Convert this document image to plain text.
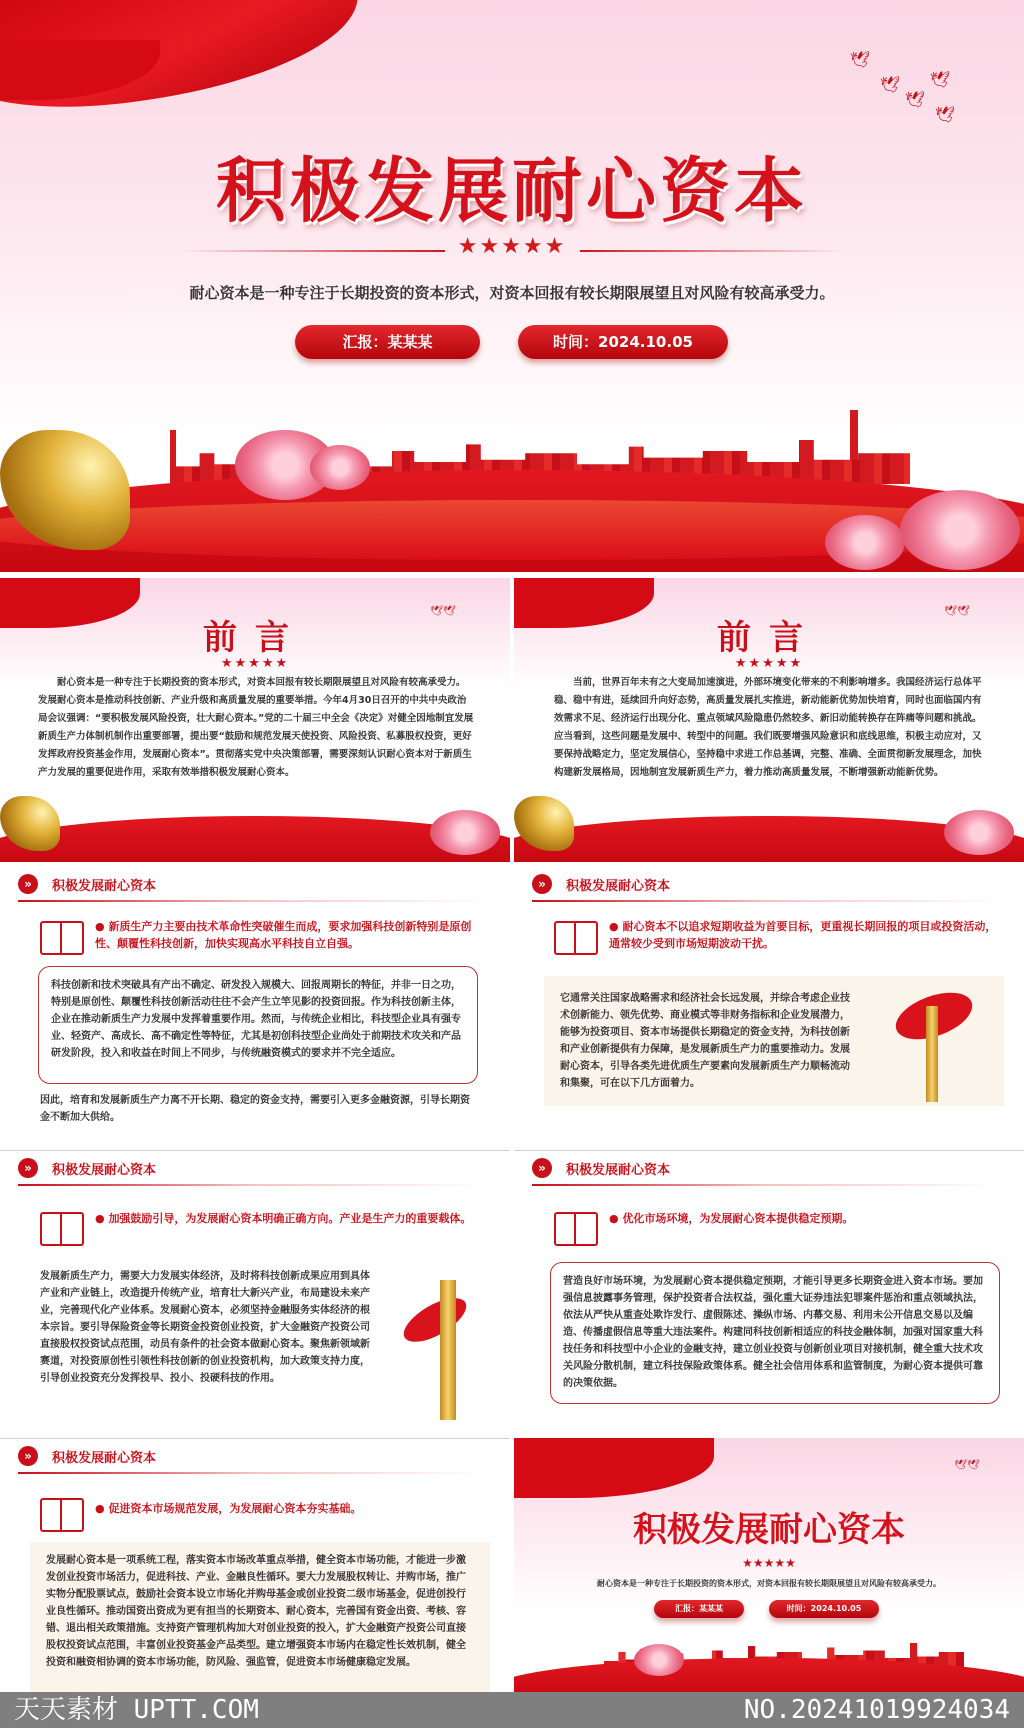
🕊
🕊
🕊
🕊
🕊
积极发展耐心资本
★★★★★
耐心资本是一种专注于长期投资的资本形式，对资本回报有较长期限展望且对风险有较高承受力。
汇报：某某某	时间：2024.10.05
🕊🕊
前言
★★★★★
耐心资本是一种专注于长期投资的资本形式，对资本回报有较长期限展望且对风险有较高承受力。发展耐心资本是推动科技创新、产业升级和高质量发展的重要举措。今年4月30日召开的中共中央政治局会议强调：“要积极发展风险投资，壮大耐心资本。”党的二十届三中全会《决定》对健全因地制宜发展新质生产力体制机制作出重要部署，提出要“鼓励和规范发展天使投资、风险投资、私募股权投资，更好发挥政府投资基金作用，发展耐心资本”。贯彻落实党中央决策部署，需要深刻认识耐心资本对于新质生产力发展的重要促进作用，采取有效举措积极发展耐心资本。
🕊🕊
前言
★★★★★
当前，世界百年未有之大变局加速演进，外部环境变化带来的不利影响增多。我国经济运行总体平稳、稳中有进，延续回升向好态势，高质量发展扎实推进，新动能新优势加快培育，同时也面临国内有效需求不足、经济运行出现分化、重点领域风险隐患仍然较多、新旧动能转换存在阵痛等问题和挑战。应当看到，这些问题是发展中、转型中的问题。我们既要增强风险意识和底线思维，积极主动应对，又要保持战略定力，坚定发展信心，坚持稳中求进工作总基调，完整、准确、全面贯彻新发展理念，加快构建新发展格局，因地制宜发展新质生产力，着力推动高质量发展，不断增强新动能新优势。
»	积极发展耐心资本
● 新质生产力主要由技术革命性突破催生而成，要求加强科技创新特别是原创性、颠覆性科技创新，加快实现高水平科技自立自强。
科技创新和技术突破具有产出不确定、研发投入规模大、回报周期长的特征，并非一日之功，特别是原创性、颠覆性科技创新活动往往不会产生立竿见影的投资回报。作为科技创新主体，企业在推动新质生产力发展中发挥着重要作用。然而，与传统企业相比，科技型企业具有强专业、轻资产、高成长、高不确定性等特征，尤其是初创科技型企业尚处于前期技术攻关和产品研发阶段，投入和收益在时间上不同步，与传统融资模式的要求并不完全适应。
因此，培育和发展新质生产力离不开长期、稳定的资金支持，需要引入更多金融资源，引导长期资金不断加大供给。
»	积极发展耐心资本
● 耐心资本不以追求短期收益为首要目标，更重视长期回报的项目或投资活动，通常较少受到市场短期波动干扰。
它通常关注国家战略需求和经济社会长远发展，并综合考虑企业技术创新能力、领先优势、商业模式等非财务指标和企业发展潜力，能够为投资项目、资本市场提供长期稳定的资金支持，为科技创新和产业创新提供有力保障，是发展新质生产力的重要推动力。发展耐心资本，引导各类先进优质生产要素向发展新质生产力顺畅流动和集聚，可在以下几方面着力。
»	积极发展耐心资本
● 加强鼓励引导，为发展耐心资本明确正确方向。产业是生产力的重要载体。
发展新质生产力，需要大力发展实体经济，及时将科技创新成果应用到具体产业和产业链上，改造提升传统产业，培育壮大新兴产业，布局建设未来产业，完善现代化产业体系。发展耐心资本，必须坚持金融服务实体经济的根本宗旨。要引导保险资金等长期资金投资创业投资，扩大金融资产投资公司直接股权投资试点范围，动员有条件的社会资本做耐心资本。聚焦新领域新赛道，对投资原创性引领性科技创新的创业投资机构，加大政策支持力度，引导创业投资充分发挥投早、投小、投硬科技的作用。
»	积极发展耐心资本
● 优化市场环境，为发展耐心资本提供稳定预期。
营造良好市场环境，为发展耐心资本提供稳定预期，才能引导更多长期资金进入资本市场。要加强信息披露事务管理，保护投资者合法权益，强化重大证券违法犯罪案件惩治和重点领域执法，依法从严快从重查处欺诈发行、虚假陈述、操纵市场、内幕交易、利用未公开信息交易以及编造、传播虚假信息等重大违法案件。构建同科技创新相适应的科技金融体制，加强对国家重大科技任务和科技型中小企业的金融支持，建立创业投资与创新创业项目对接机制，健全重大技术攻关风险分散机制，建立科技保险政策体系。健全社会信用体系和监管制度，为耐心资本提供可靠的决策依据。
»	积极发展耐心资本
● 促进资本市场规范发展，为发展耐心资本夯实基础。
发展耐心资本是一项系统工程，落实资本市场改革重点举措，健全资本市场功能，才能进一步激发创业投资市场活力，促进科技、产业、金融良性循环。要大力发展股权转让、并购市场，推广实物分配股票试点，鼓励社会资本设立市场化并购母基金或创业投资二级市场基金，促进创投行业良性循环。推动国资出资成为更有担当的长期资本、耐心资本，完善国有资金出资、考核、容错、退出相关政策措施。支持资产管理机构加大对创业投资的投入，扩大金融资产投资公司直接股权投资试点范围，丰富创业投资基金产品类型。建立增强资本市场内在稳定性长效机制，健全投资和融资相协调的资本市场功能，防风险、强监管，促进资本市场健康稳定发展。
🕊🕊
积极发展耐心资本
★★★★★
耐心资本是一种专注于长期投资的资本形式，对资本回报有较长期限展望且对风险有较高承受力。
汇报：某某某	时间：2024.10.05
天天素材 UPTT.COM	NO.20241019924034
